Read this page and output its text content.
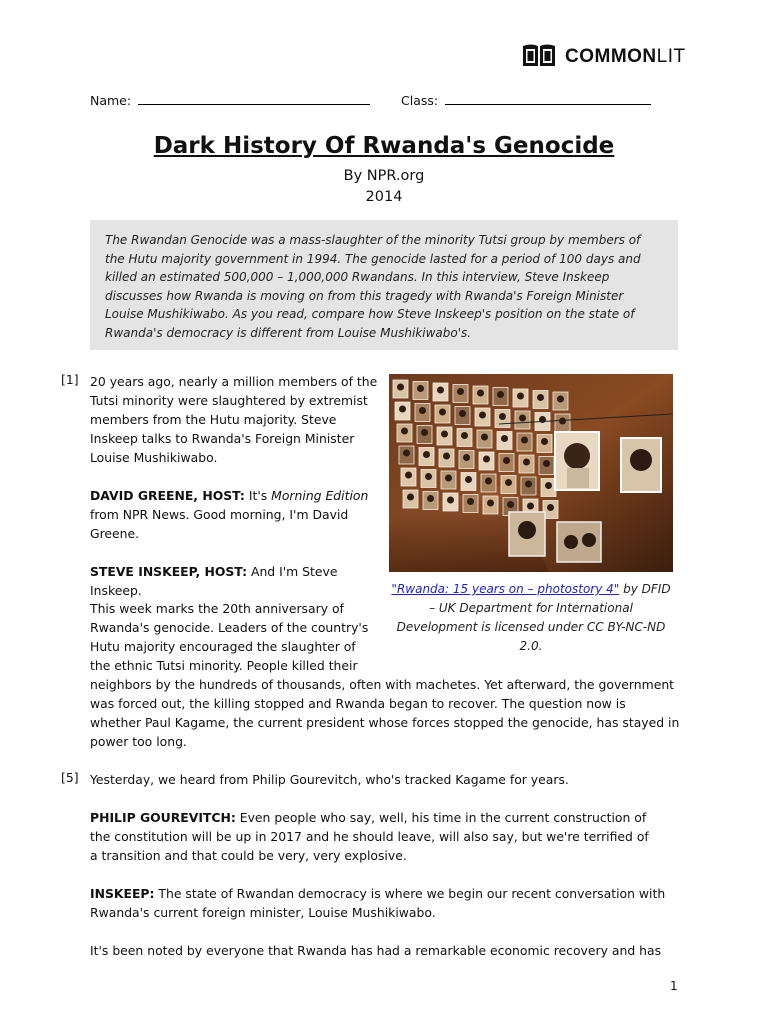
COMMONLIT
Name:	Class:
Dark History Of Rwanda's Genocide
By NPR.org
2014
The Rwandan Genocide was a mass-slaughter of the minority Tutsi group by members of the Hutu majority government in 1994. The genocide lasted for a period of 100 days and killed an estimated 500,000 – 1,000,000 Rwandans. In this interview, Steve Inskeep discusses how Rwanda is moving on from this tragedy with Rwanda's Foreign Minister Louise Mushikiwabo. As you read, compare how Steve Inskeep's position on the state of Rwanda's democracy is different from Louise Mushikiwabo's.
[1] 20 years ago, nearly a million members of the Tutsi minority were slaughtered by extremist members from the Hutu majority. Steve Inskeep talks to Rwanda's Foreign Minister Louise Mushikiwabo.
DAVID GREENE, HOST: It's Morning Edition from NPR News. Good morning, I'm David Greene.
STEVE INSKEEP, HOST: And I'm Steve Inskeep.
This week marks the 20th anniversary of
Rwanda's genocide. Leaders of the country's
Hutu majority encouraged the slaughter of
the ethnic Tutsi minority. People killed their
neighbors by the hundreds of thousands, often with machetes. Yet afterward, the government was forced out, the killing stopped and Rwanda began to recover. The question now is whether Paul Kagame, the current president whose forces stopped the genocide, has stayed in power too long.
"Rwanda: 15 years on – photostory 4" by DFID – UK Department for International Development is licensed under CC BY-NC-ND 2.0.
[5] Yesterday, we heard from Philip Gourevitch, who's tracked Kagame for years.
PHILIP GOUREVITCH: Even people who say, well, his time in the current construction of the constitution will be up in 2017 and he should leave, will also say, but we're terrified of a transition and that could be very, very explosive.
INSKEEP: The state of Rwandan democracy is where we begin our recent conversation with Rwanda's current foreign minister, Louise Mushikiwabo.
It's been noted by everyone that Rwanda has had a remarkable economic recovery and has
1
